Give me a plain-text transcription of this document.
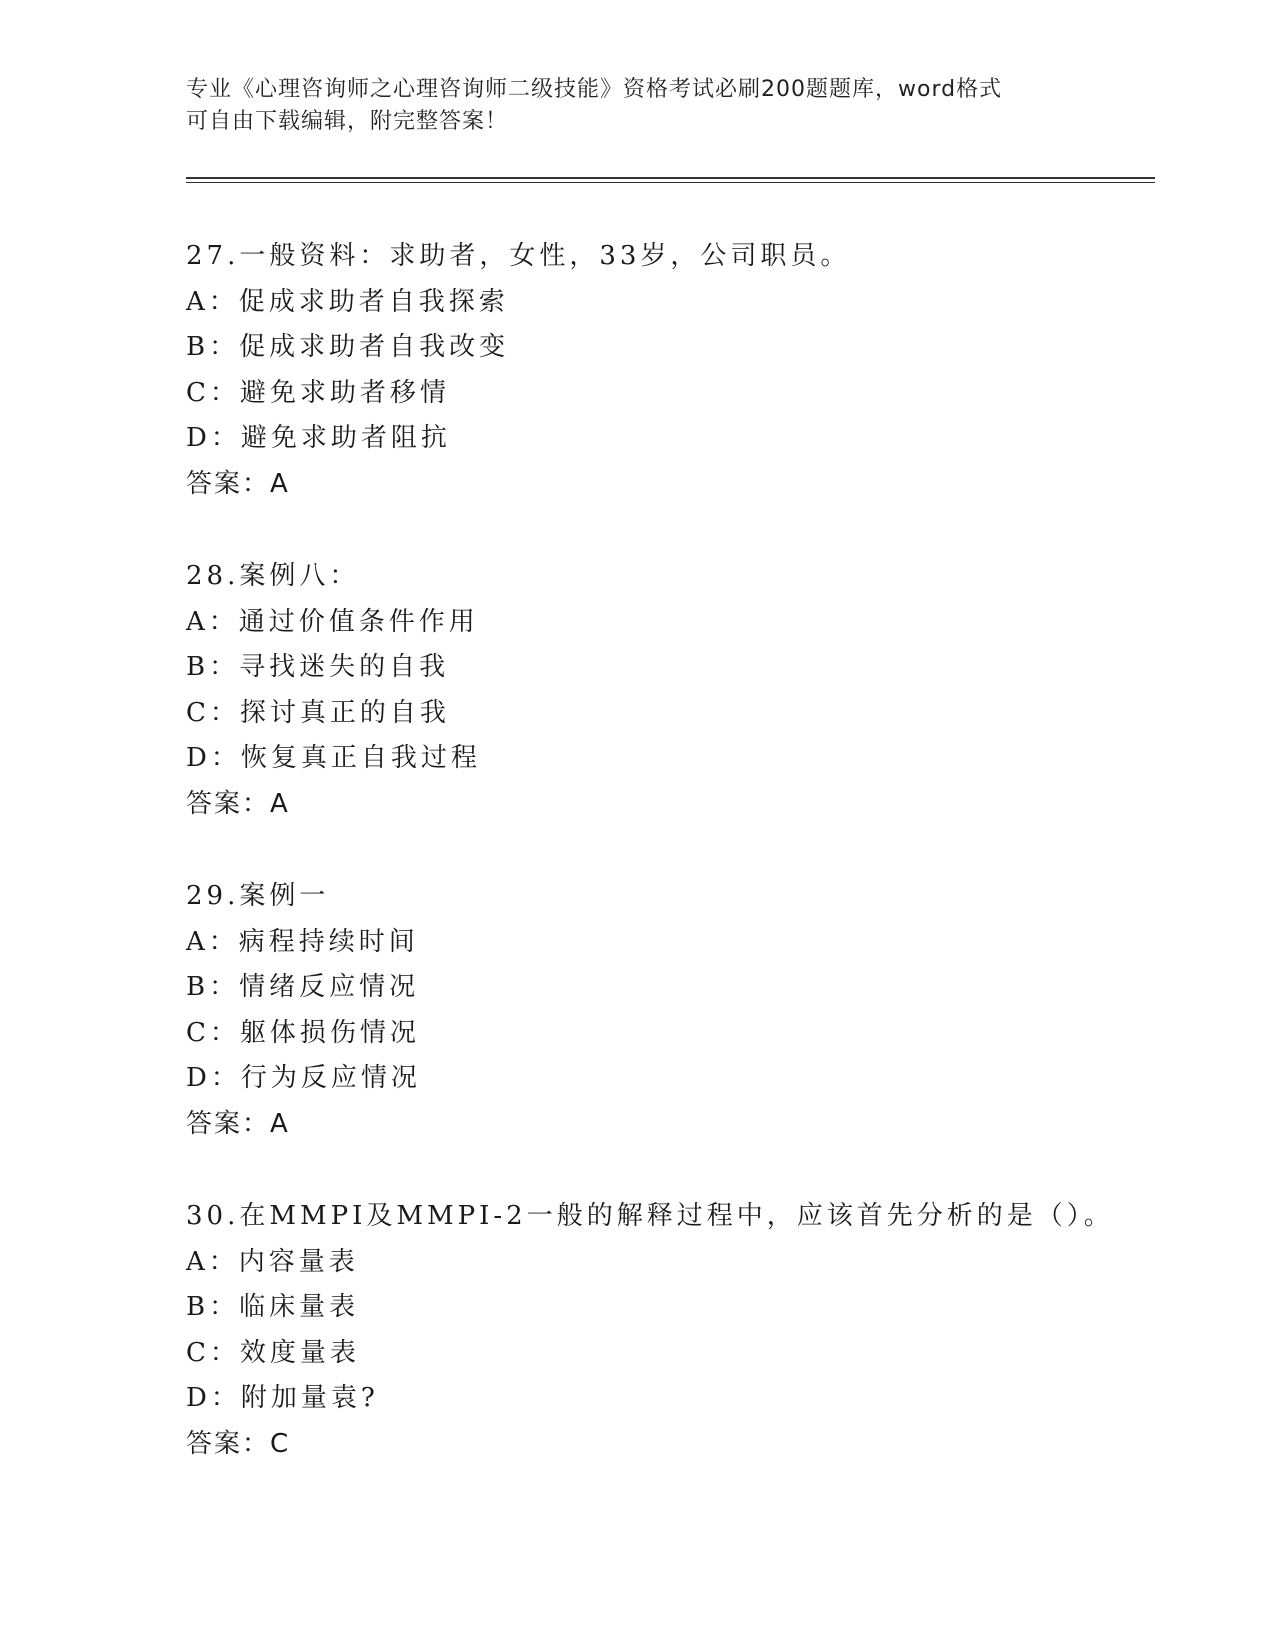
专业《心理咨询师之心理咨询师二级技能》资格考试必刷200题题库，word格式
可自由下载编辑，附完整答案！
27.一般资料：求助者，女性，33岁，公司职员。
A：促成求助者自我探索
B：促成求助者自我改变
C：避免求助者移情
D：避免求助者阻抗
答案：A
28.案例八：
A：通过价值条件作用
B：寻找迷失的自我
C：探讨真正的自我
D：恢复真正自我过程
答案：A
29.案例一
A：病程持续时间
B：情绪反应情况
C：躯体损伤情况
D：行为反应情况
答案：A
30.在MMPI及MMPI-2一般的解释过程中，应该首先分析的是（）。
A：内容量表
B：临床量表
C：效度量表
D：附加量袁?
答案：C
